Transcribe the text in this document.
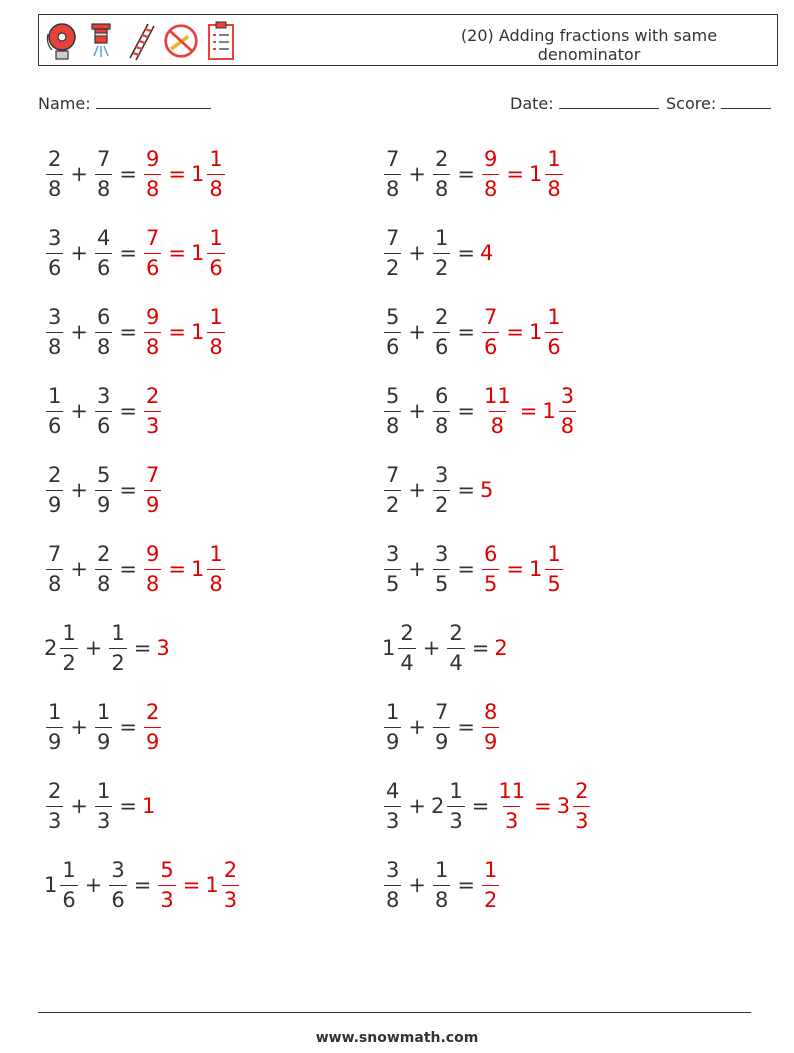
(20) Adding fractions with same denominator
Name:	Date:	Score:
$\frac{2}{8} + \frac{7}{8} = \frac{9}{8} = 1 \frac{1}{8}$	$\frac{7}{8} + \frac{2}{8} = \frac{9}{8} = 1 \frac{1}{8}$
$\frac{3}{6} + \frac{4}{6} = \frac{7}{6} = 1 \frac{1}{6}$	$\frac{7}{2} + \frac{1}{2} = 4$
$\frac{3}{8} + \frac{6}{8} = \frac{9}{8} = 1 \frac{1}{8}$	$\frac{5}{6} + \frac{2}{6} = \frac{7}{6} = 1 \frac{1}{6}$
$\frac{1}{6} + \frac{3}{6} = \frac{2}{3}$	$\frac{5}{8} + \frac{6}{8} = \frac{11}{8} = 1 \frac{3}{8}$
$\frac{2}{9} + \frac{5}{9} = \frac{7}{9}$	$\frac{7}{2} + \frac{3}{2} = 5$
$\frac{7}{8} + \frac{2}{8} = \frac{9}{8} = 1 \frac{1}{8}$	$\frac{3}{5} + \frac{3}{5} = \frac{6}{5} = 1 \frac{1}{5}$
$2 \frac{1}{2} + \frac{1}{2} = 3$	$1 \frac{2}{4} + \frac{2}{4} = 2$
$\frac{1}{9} + \frac{1}{9} = \frac{2}{9}$	$\frac{1}{9} + \frac{7}{9} = \frac{8}{9}$
$\frac{2}{3} + \frac{1}{3} = 1$	$\frac{4}{3} + 2 \frac{1}{3} = \frac{11}{3} = 3 \frac{2}{3}$
$1 \frac{1}{6} + \frac{3}{6} = \frac{5}{3} = 1 \frac{2}{3}$	$\frac{3}{8} + \frac{1}{8} = \frac{1}{2}$
www.snowmath.com
